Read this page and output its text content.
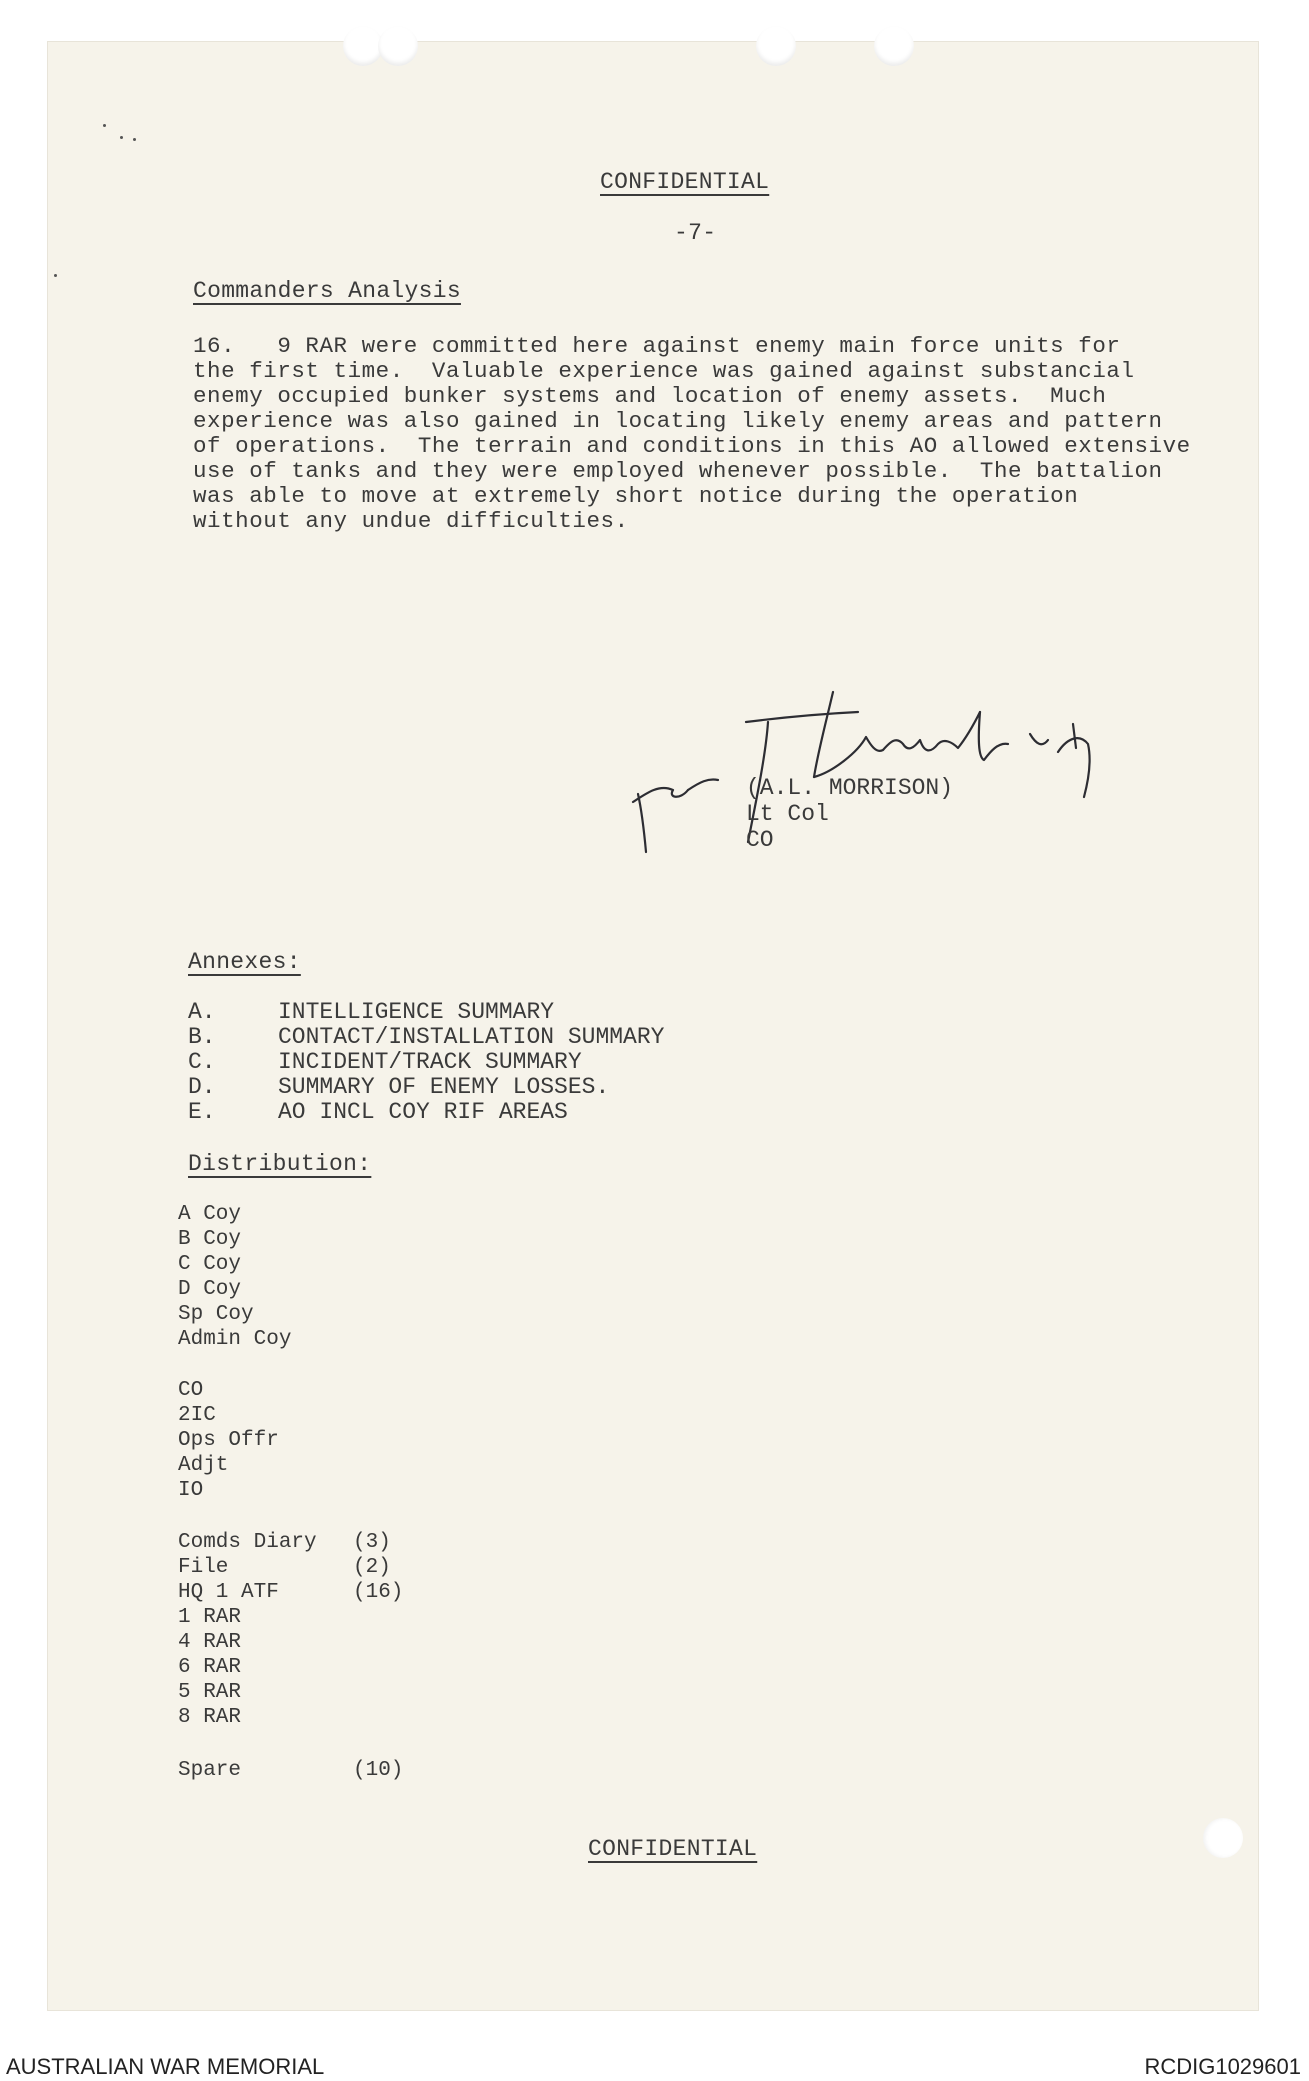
CONFIDENTIAL
-7-
Commanders Analysis
16.   9 RAR were committed here against enemy main force units for
the first time.  Valuable experience was gained against substancial
enemy occupied bunker systems and location of enemy assets.  Much
experience was also gained in locating likely enemy areas and pattern
of operations.  The terrain and conditions in this AO allowed extensive
use of tanks and they were employed whenever possible.  The battalion
was able to move at extremely short notice during the operation
without any undue difficulties.
(A.L. MORRISON)
Lt Col
CO
Annexes:
A.	INTELLIGENCE SUMMARY
B.	CONTACT/INSTALLATION SUMMARY
C.	INCIDENT/TRACK SUMMARY
D.	SUMMARY OF ENEMY LOSSES.
E.	AO INCL COY RIF AREAS
Distribution:
A Coy
B Coy
C Coy
D Coy
Sp Coy
Admin Coy
CO
2IC
Ops Offr
Adjt
IO
Comds Diary	(3)
File	(2)
HQ 1 ATF	(16)
1 RAR
4 RAR
6 RAR
5 RAR
8 RAR
Spare	(10)
CONFIDENTIAL
AUSTRALIAN WAR MEMORIAL	RCDIG1029601
